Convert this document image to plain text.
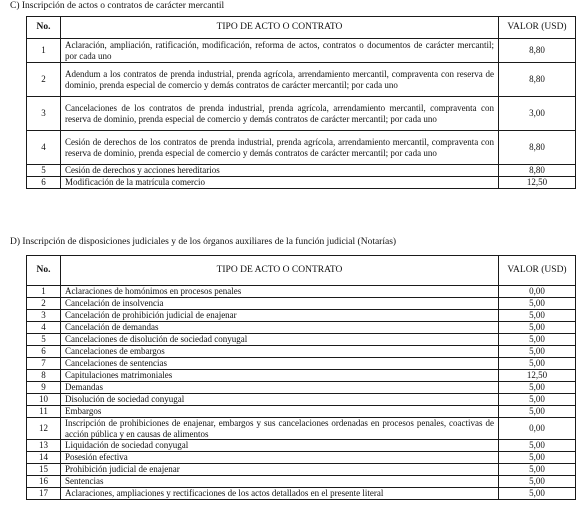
C) Inscripción de actos o contratos de carácter mercantil
No.	TIPO DE ACTO O CONTRATO	VALOR (USD)
1	Aclaración, ampliación, ratificación, modificación, reforma de actos, contratos o documentos de carácter mercantil; por cada uno	8,80
2	Adendum a los contratos de prenda industrial, prenda agrícola, arrendamiento mercantil, compraventa con reserva de dominio, prenda especial de comercio y demás contratos de carácter mercantil; por cada uno	8,80
3	Cancelaciones de los contratos de prenda industrial, prenda agrícola, arrendamiento mercantil, compraventa con reserva de dominio, prenda especial de comercio y demás contratos de carácter mercantil; por cada uno	3,00
4	Cesión de derechos de los contratos de prenda industrial, prenda agrícola, arrendamiento mercantil, compraventa con reserva de dominio, prenda especial de comercio y demás contratos de carácter mercantil; por cada uno	8,80
5	Cesión de derechos y acciones hereditarios	8,80
6	Modificación de la matrícula comercio	12,50
D) Inscripción de disposiciones judiciales y de los órganos auxiliares de la función judicial (Notarías)
No.	TIPO DE ACTO O CONTRATO	VALOR (USD)
1	Aclaraciones de homónimos en procesos penales	0,00
2	Cancelación de insolvencia	5,00
3	Cancelación de prohibición judicial de enajenar	5,00
4	Cancelación de demandas	5,00
5	Cancelaciones de disolución de sociedad conyugal	5,00
6	Cancelaciones de embargos	5,00
7	Cancelaciones de sentencias	5,00
8	Capitulaciones matrimoniales	12,50
9	Demandas	5,00
10	Disolución de sociedad conyugal	5,00
11	Embargos	5,00
12	Inscripción de prohibiciones de enajenar, embargos y sus cancelaciones ordenadas en procesos penales, coactivas de acción pública y en causas de alimentos	0,00
13	Liquidación de sociedad conyugal	5,00
14	Posesión efectiva	5,00
15	Prohibición judicial de enajenar	5,00
16	Sentencias	5,00
17	Aclaraciones, ampliaciones y rectificaciones de los actos detallados en el presente literal	5,00
